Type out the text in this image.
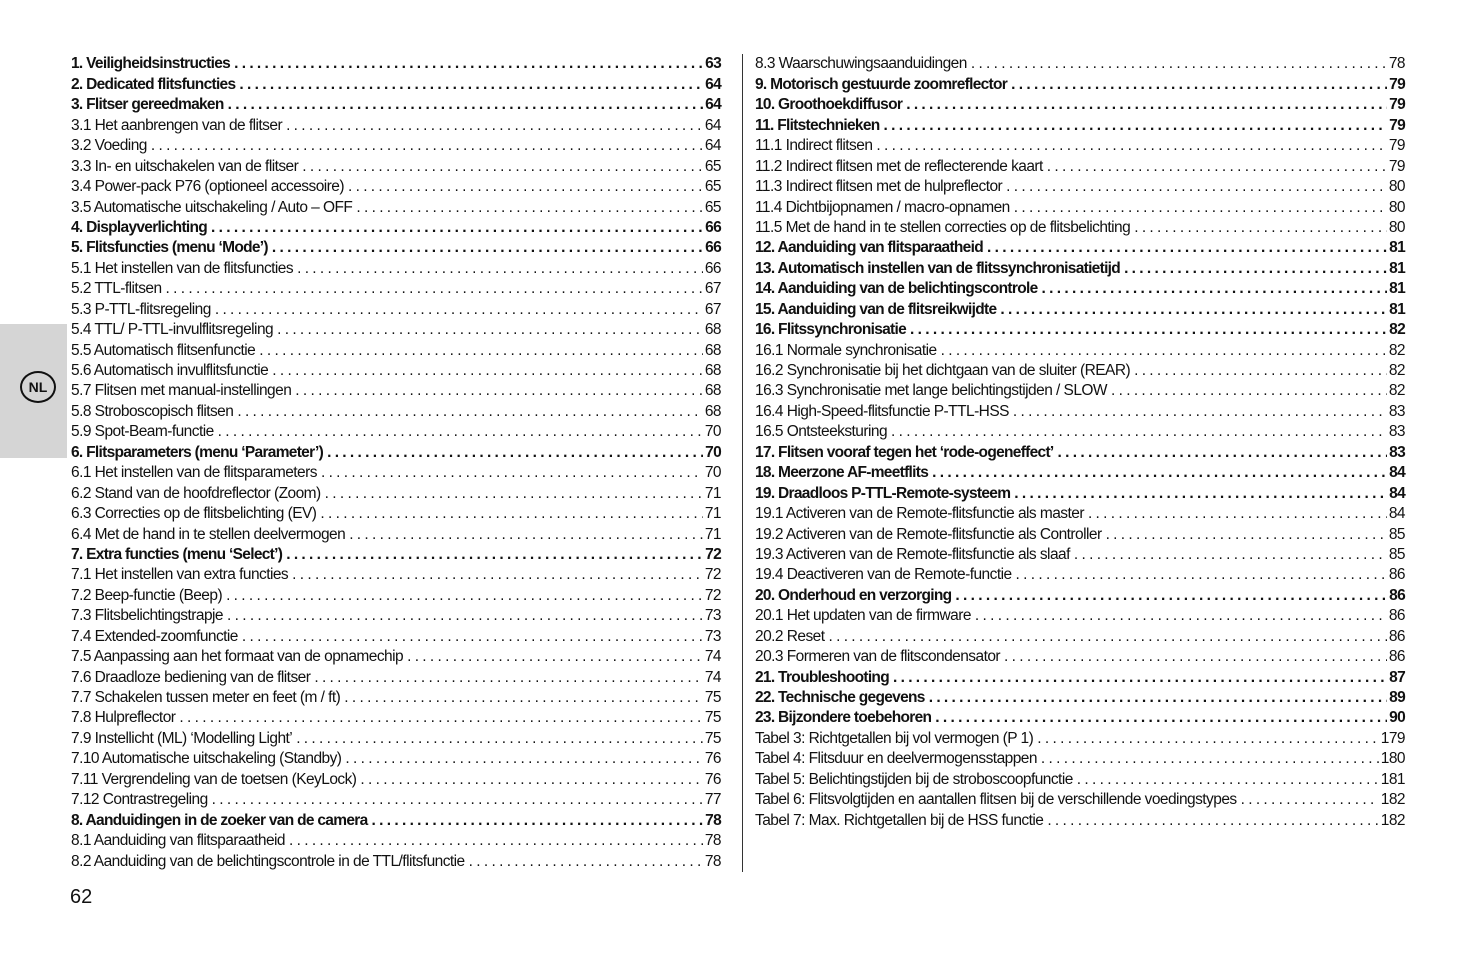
NL
1. Veiligheidsinstructies . . .	63
2. Dedicated flitsfuncties . . .	64
3. Flitser gereedmaken . . .	64
3.1 Het aanbrengen van de flitser . . .	64
3.2 Voeding . . .	64
3.3 In- en uitschakelen van de flitser . . .	65
3.4 Power-pack P76 (optioneel accessoire) . . .	65
3.5 Automatische uitschakeling / Auto – OFF . . .	65
4. Displayverlichting . . .	66
5. Flitsfuncties (menu ‘Mode’) . . .	66
5.1 Het instellen van de flitsfuncties . . .	66
5.2 TTL-flitsen . . .	67
5.3 P-TTL-flitsregeling . . .	67
5.4 TTL/ P-TTL-invulflitsregeling . . .	68
5.5 Automatisch flitsenfunctie . . .	68
5.6 Automatisch invulflitsfunctie . . .	68
5.7 Flitsen met manual-instellingen . . .	68
5.8 Stroboscopisch flitsen . . .	68
5.9 Spot-Beam-functie . . .	70
6. Flitsparameters (menu ‘Parameter’) . . .	70
6.1 Het instellen van de flitsparameters . . .	70
6.2 Stand van de hoofdreflector (Zoom) . . .	71
6.3 Correcties op de flitsbelichting (EV) . . .	71
6.4 Met de hand in te stellen deelvermogen . . .	71
7. Extra functies (menu ‘Select’) . . .	72
7.1 Het instellen van extra functies . . .	72
7.2 Beep-functie (Beep) . . .	72
7.3 Flitsbelichtingstrapje . . .	73
7.4 Extended-zoomfunctie . . .	73
7.5 Aanpassing aan het formaat van de opnamechip . . .	74
7.6 Draadloze bediening van de flitser . . .	74
7.7 Schakelen tussen meter en feet (m / ft) . . .	75
7.8 Hulpreflector . . .	75
7.9 Instellicht (ML) ‘Modelling Light’ . . .	75
7.10 Automatische uitschakeling (Standby) . . .	76
7.11 Vergrendeling van de toetsen (KeyLock) . . .	76
7.12 Contrastregeling . . .	77
8. Aanduidingen in de zoeker van de camera . . .	78
8.1 Aanduiding van flitsparaatheid . . .	78
8.2 Aanduiding van de belichtingscontrole in de TTL/flitsfunctie . . .	78
8.3 Waarschuwingsaanduidingen . . .	78
9. Motorisch gestuurde zoomreflector . . .	79
10. Groothoekdiffusor . . .	79
11. Flitstechnieken . . .	79
11.1 Indirect flitsen . . .	79
11.2 Indirect flitsen met de reflecterende kaart . . .	79
11.3 Indirect flitsen met de hulpreflector . . .	80
11.4 Dichtbijopnamen / macro-opnamen . . .	80
11.5 Met de hand in te stellen correcties op de flitsbelichting . . .	80
12. Aanduiding van flitsparaatheid . . .	81
13. Automatisch instellen van de flitssynchronisatietijd . . .	81
14. Aanduiding van de belichtingscontrole . . .	81
15. Aanduiding van de flitsreikwijdte . . .	81
16. Flitssynchronisatie . . .	82
16.1 Normale synchronisatie . . .	82
16.2 Synchronisatie bij het dichtgaan van de sluiter (REAR) . . .	82
16.3 Synchronisatie met lange belichtingstijden / SLOW . . .	82
16.4 High-Speed-flitsfunctie P-TTL-HSS . . .	83
16.5 Ontsteeksturing . . .	83
17. Flitsen vooraf tegen het ‘rode-ogeneffect’ . . .	83
18. Meerzone AF-meetflits . . .	84
19. Draadloos P-TTL-Remote-systeem . . .	84
19.1 Activeren van de Remote-flitsfunctie als master . . .	84
19.2 Activeren van de Remote-flitsfunctie als Controller . . .	85
19.3 Activeren van de Remote-flitsfunctie als slaaf . . .	85
19.4 Deactiveren van de Remote-functie . . .	86
20. Onderhoud en verzorging . . .	86
20.1 Het updaten van de firmware . . .	86
20.2 Reset . . .	86
20.3 Formeren van de flitscondensator . . .	86
21. Troubleshooting . . .	87
22. Technische gegevens . . .	89
23. Bijzondere toebehoren . . .	90
Tabel 3: Richtgetallen bij vol vermogen (P 1) . . .	179
Tabel 4: Flitsduur en deelvermogensstappen . . .	180
Tabel 5: Belichtingstijden bij de stroboscoopfunctie . . .	181
Tabel 6: Flitsvolgtijden en aantallen flitsen bij de verschillende voedingstypes . . .	182
Tabel 7: Max. Richtgetallen bij de HSS functie . . .	182
62
